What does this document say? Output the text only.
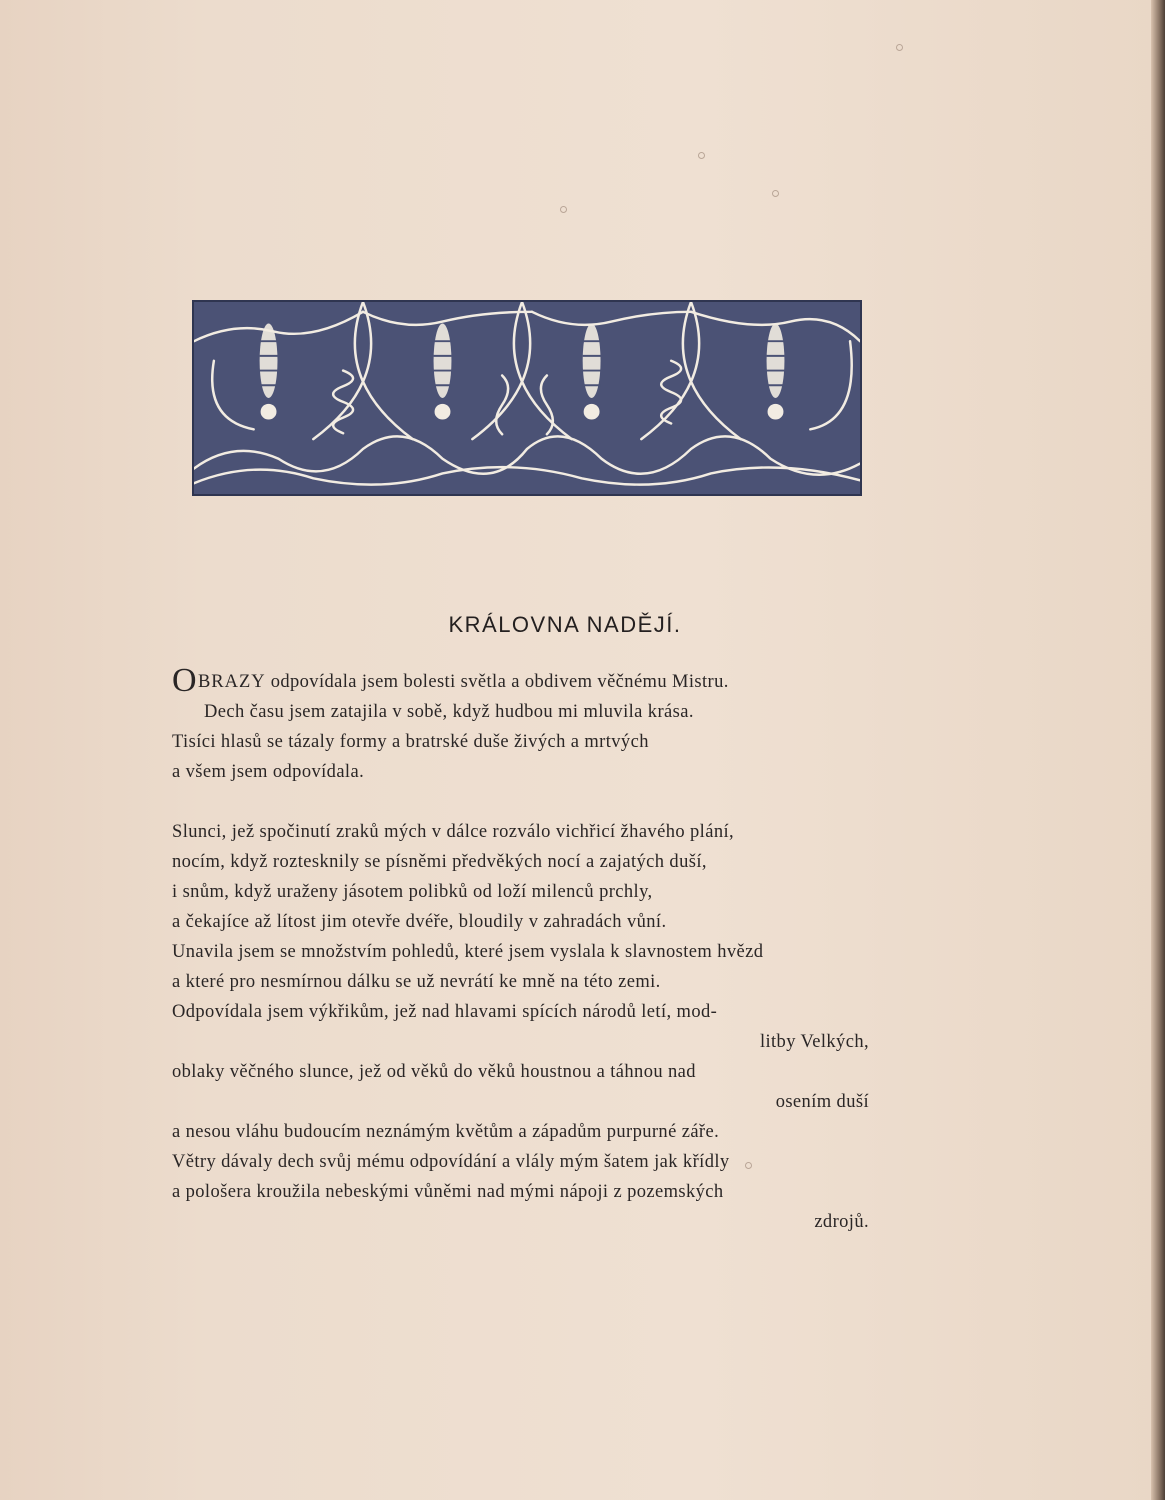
KRÁLOVNA NADĚJÍ.
OBRAZY odpovídala jsem bolesti světla a obdivem věčnému Mistru.
Dech času jsem zatajila v sobě, když hudbou mi mluvila krása.
Tisíci hlasů se tázaly formy a bratrské duše živých a mrtvých
a všem jsem odpovídala.
Slunci, jež spočinutí zraků mých v dálce rozválo vichřicí žhavého plání,
nocím, když roztesknily se písněmi předvěkých nocí a zajatých duší,
i snům, když uraženy jásotem polibků od loží milenců prchly,
a čekajíce až lítost jim otevře dvéře, bloudily v zahradách vůní.
Unavila jsem se množstvím pohledů, které jsem vyslala k slavnostem hvězd
a které pro nesmírnou dálku se už nevrátí ke mně na této zemi.
Odpovídala jsem výkřikům, jež nad hlavami spících národů letí, mod-
litby Velkých,
oblaky věčného slunce, jež od věků do věků houstnou a táhnou nad
osením duší
a nesou vláhu budoucím neznámým květům a západům purpurné záře.
Větry dávaly dech svůj mému odpovídání a vlály mým šatem jak křídly
a pološera kroužila nebeskými vůněmi nad mými nápoji z pozemských
zdrojů.
